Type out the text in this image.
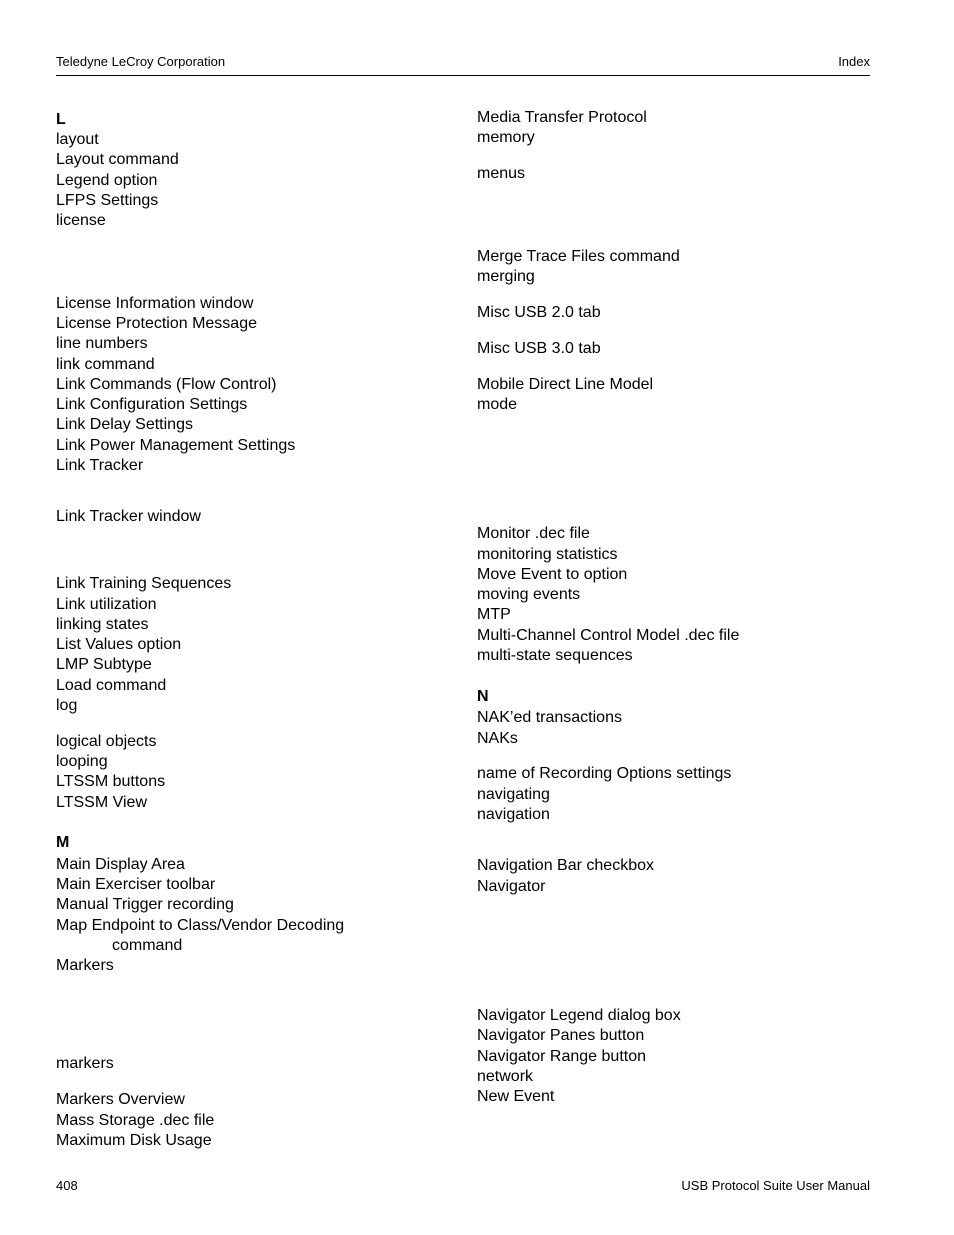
Teledyne LeCroy Corporation	Index
L
layout
Layout command
Legend option
LFPS Settings
license
License Information window
License Protection Message
line numbers
link command
Link Commands (Flow Control)
Link Configuration Settings
Link Delay Settings
Link Power Management Settings
Link Tracker
Link Tracker window
Link Training Sequences
Link utilization
linking states
List Values option
LMP Subtype
Load command
log
logical objects
looping
LTSSM buttons
LTSSM View
M
Main Display Area
Main Exerciser toolbar
Manual Trigger recording
Map Endpoint to Class/Vendor Decoding
command
Markers
markers
Markers Overview
Mass Storage .dec file
Maximum Disk Usage
Media Transfer Protocol
memory
menus
Merge Trace Files command
merging
Misc USB 2.0 tab
Misc USB 3.0 tab
Mobile Direct Line Model
mode
Monitor .dec file
monitoring statistics
Move Event to option
moving events
MTP
Multi-Channel Control Model .dec file
multi-state sequences
N
NAK’ed transactions
NAKs
name of Recording Options settings
navigating
navigation
Navigation Bar checkbox
Navigator
Navigator Legend dialog box
Navigator Panes button
Navigator Range button
network
New Event
408	USB Protocol Suite User Manual
